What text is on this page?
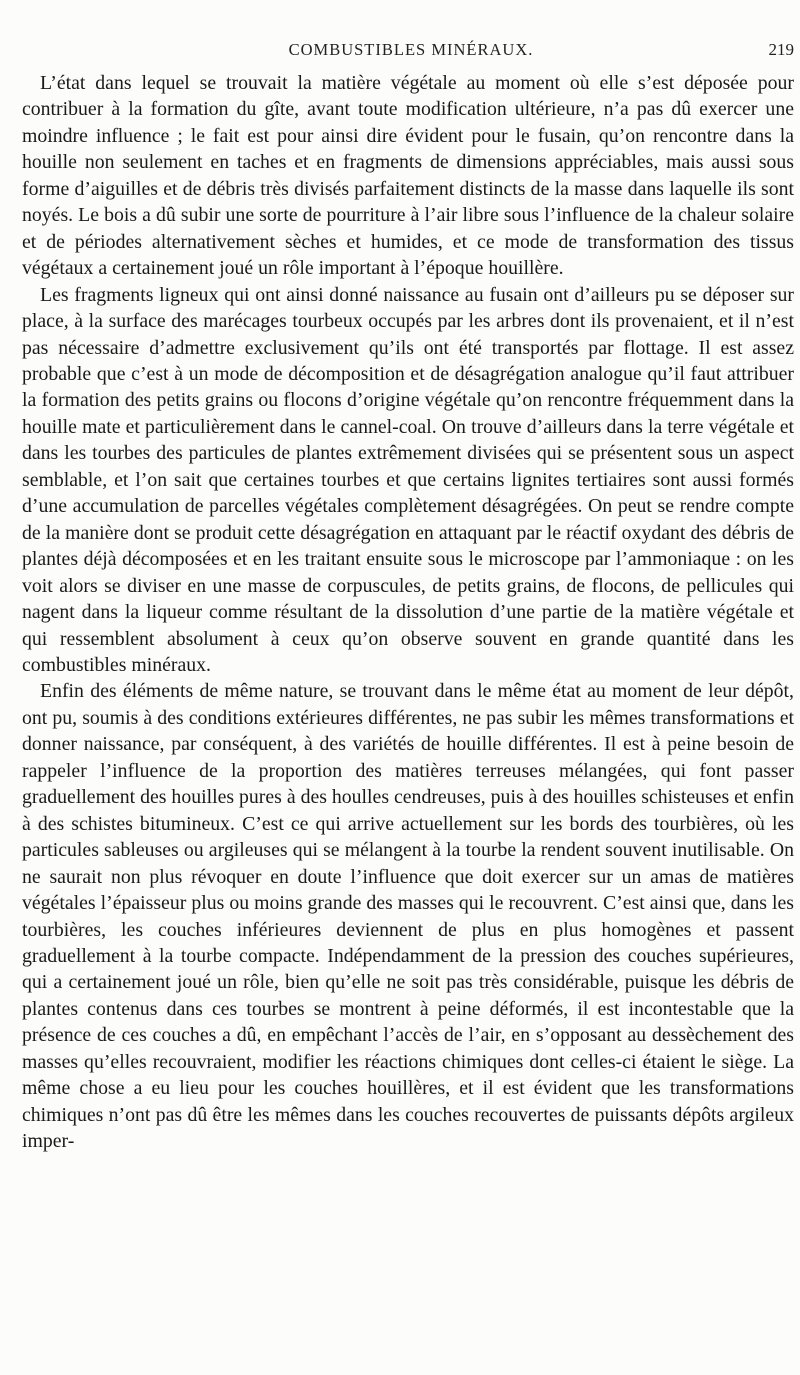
COMBUSTIBLES MINÉRAUX.	219

L’état dans lequel se trouvait la matière végétale au moment où elle s’est déposée pour contribuer à la formation du gîte, avant toute modification ultérieure, n’a pas dû exercer une moindre influence ; le fait est pour ainsi dire évident pour le fusain, qu’on rencontre dans la houille non seulement en taches et en fragments de dimensions appréciables, mais aussi sous forme d’aiguilles et de débris très divisés parfaitement distincts de la masse dans laquelle ils sont noyés. Le bois a dû subir une sorte de pourriture à l’air libre sous l’influence de la chaleur solaire et de périodes alternativement sèches et humides, et ce mode de transformation des tissus végétaux a certainement joué un rôle important à l’époque houillère.

Les fragments ligneux qui ont ainsi donné naissance au fusain ont d’ailleurs pu se déposer sur place, à la surface des marécages tourbeux occupés par les arbres dont ils provenaient, et il n’est pas nécessaire d’admettre exclusivement qu’ils ont été transportés par flottage. Il est assez probable que c’est à un mode de décomposition et de désagrégation analogue qu’il faut attribuer la formation des petits grains ou flocons d’origine végétale qu’on rencontre fréquemment dans la houille mate et particulièrement dans le cannel-coal. On trouve d’ailleurs dans la terre végétale et dans les tourbes des particules de plantes extrêmement divisées qui se présentent sous un aspect semblable, et l’on sait que certaines tourbes et que certains lignites tertiaires sont aussi formés d’une accumulation de parcelles végétales complètement désagrégées. On peut se rendre compte de la manière dont se produit cette désagrégation en attaquant par le réactif oxydant des débris de plantes déjà décomposées et en les traitant ensuite sous le microscope par l’ammoniaque : on les voit alors se diviser en une masse de corpuscules, de petits grains, de flocons, de pellicules qui nagent dans la liqueur comme résultant de la dissolution d’une partie de la matière végétale et qui ressemblent absolument à ceux qu’on observe souvent en grande quantité dans les combustibles minéraux.

Enfin des éléments de même nature, se trouvant dans le même état au moment de leur dépôt, ont pu, soumis à des conditions extérieures différentes, ne pas subir les mêmes transformations et donner naissance, par conséquent, à des variétés de houille différentes. Il est à peine besoin de rappeler l’influence de la proportion des matières terreuses mélangées, qui font passer graduellement des houilles pures à des houlles cendreuses, puis à des houilles schisteuses et enfin à des schistes bitumineux. C’est ce qui arrive actuellement sur les bords des tourbières, où les particules sableuses ou argileuses qui se mélangent à la tourbe la rendent souvent inutilisable. On ne saurait non plus révoquer en doute l’influence que doit exercer sur un amas de matières végétales l’épaisseur plus ou moins grande des masses qui le recouvrent. C’est ainsi que, dans les tourbières, les couches inférieures deviennent de plus en plus homogènes et passent graduellement à la tourbe compacte. Indépendamment de la pression des couches supérieures, qui a certainement joué un rôle, bien qu’elle ne soit pas très considérable, puisque les débris de plantes contenus dans ces tourbes se montrent à peine déformés, il est incontestable que la présence de ces couches a dû, en empêchant l’accès de l’air, en s’opposant au dessèchement des masses qu’elles recouvraient, modifier les réactions chimiques dont celles-ci étaient le siège. La même chose a eu lieu pour les couches houillères, et il est évident que les transformations chimiques n’ont pas dû être les mêmes dans les couches recouvertes de puissants dépôts argileux imper-
